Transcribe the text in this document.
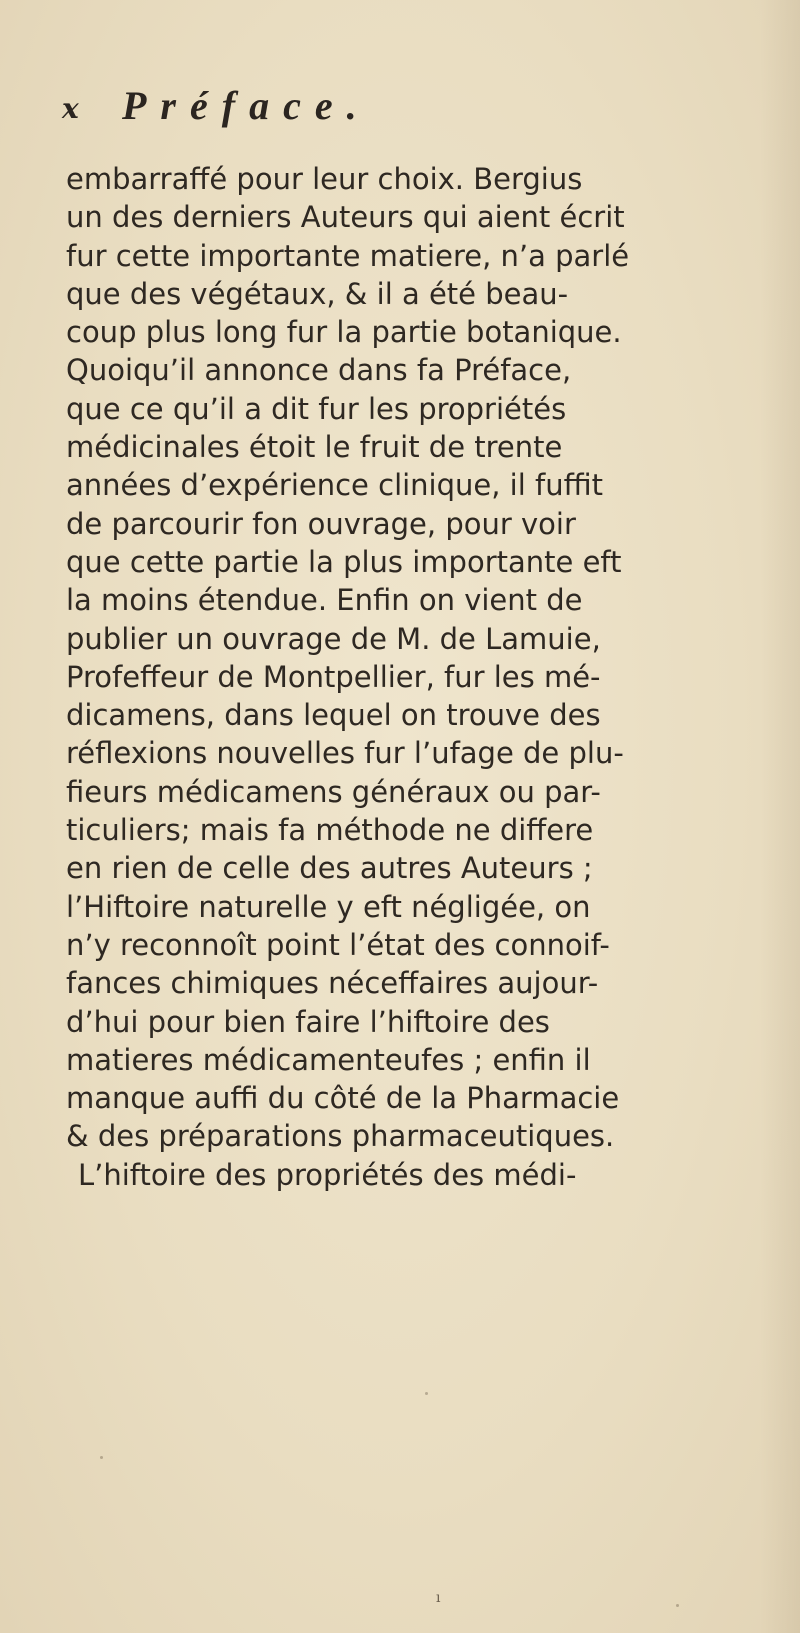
x Préface.
embarraffé pour leur choix. Bergius
un des derniers Auteurs qui aient écrit
fur cette importante matiere, n’a parlé
que des végétaux, & il a été beau-
coup plus long fur la partie botanique.
Quoiqu’il annonce dans fa Préface,
que ce qu’il a dit fur les propriétés
médicinales étoit le fruit de trente
années d’expérience clinique, il fuffit
de parcourir fon ouvrage, pour voir
que cette partie la plus importante eft
la moins étendue. Enfin on vient de
publier un ouvrage de M. de Lamuie,
Profeffeur de Montpellier, fur les mé-
dicamens, dans lequel on trouve des
réflexions nouvelles fur l’ufage de plu-
fieurs médicamens généraux ou par-
ticuliers; mais fa méthode ne differe
en rien de celle des autres Auteurs ;
l’Hiftoire naturelle y eft négligée, on
n’y reconnoît point l’état des connoif-
fances chimiques néceffaires aujour-
d’hui pour bien faire l’hiftoire des
matieres médicamenteufes ; enfin il
manque auffi du côté de la Pharmacie
& des préparations pharmaceutiques.
L’hiftoire des propriétés des médi-
ı
